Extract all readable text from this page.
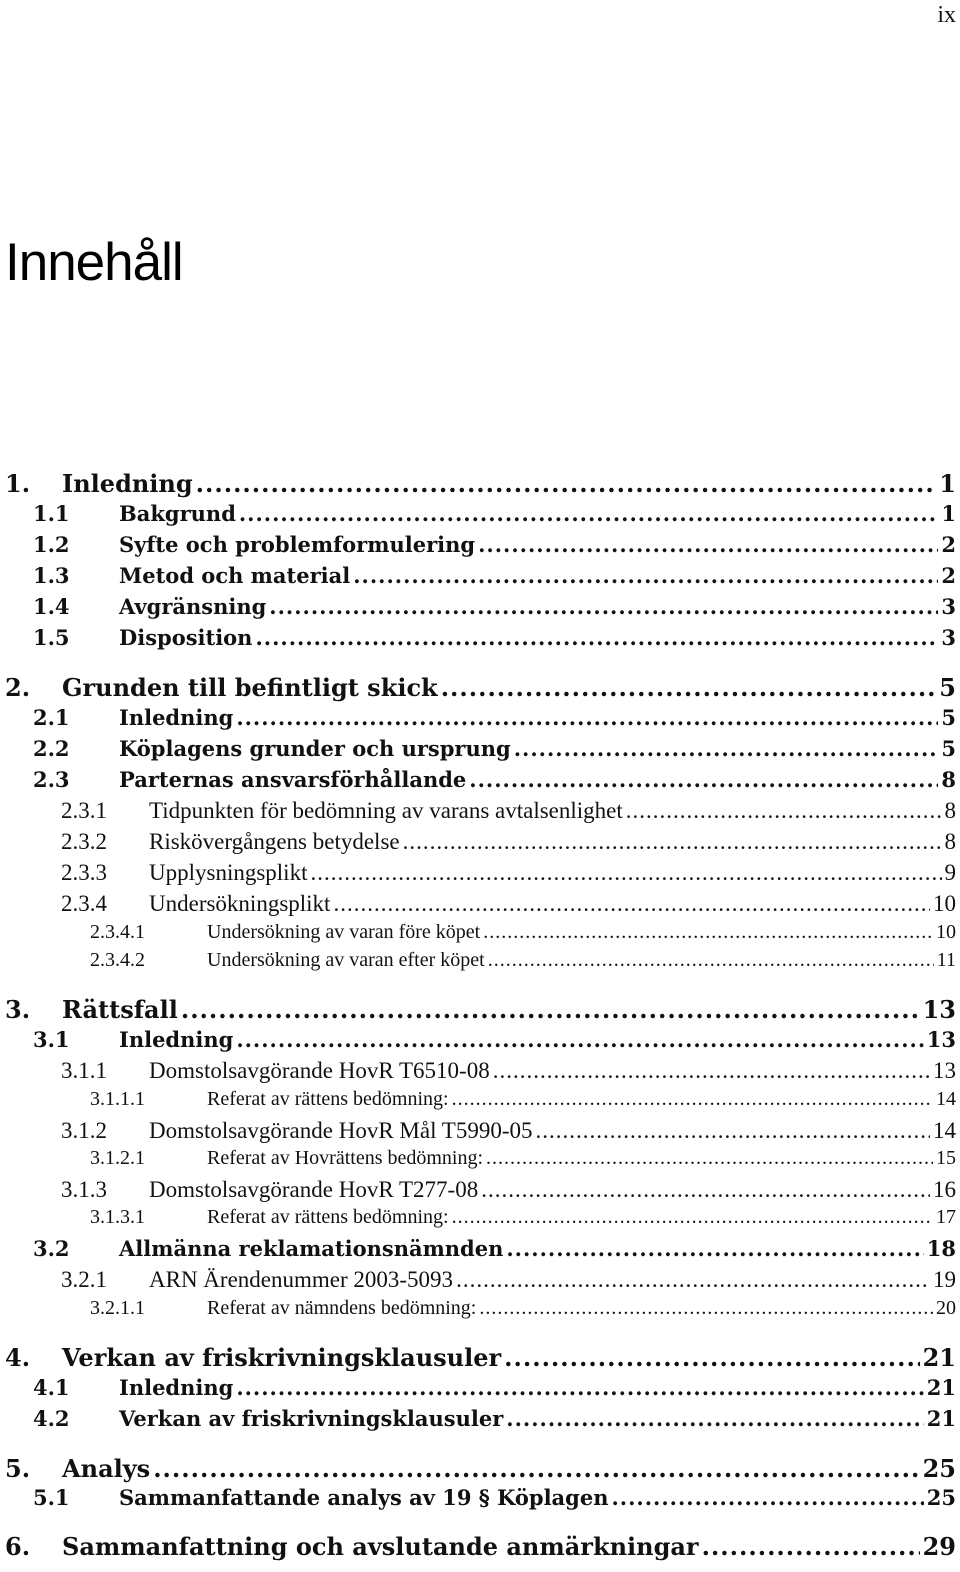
ix
Innehåll
1.	Inledning .....	1
1.1	Bakgrund .....	1
1.2	Syfte och problemformulering .....	2
1.3	Metod och material .....	2
1.4	Avgränsning .....	3
1.5	Disposition .....	3
2.	Grunden till befintligt skick .....	5
2.1	Inledning .....	5
2.2	Köplagens grunder och ursprung .....	5
2.3	Parternas ansvarsförhållande .....	8
2.3.1	Tidpunkten för bedömning av varans avtalsenlighet .....	8
2.3.2	Riskövergångens betydelse .....	8
2.3.3	Upplysningsplikt .....	9
2.3.4	Undersökningsplikt .....	10
2.3.4.1	Undersökning av varan före köpet .....	10
2.3.4.2	Undersökning av varan efter köpet .....	11
3.	Rättsfall .....	13
3.1	Inledning .....	13
3.1.1	Domstolsavgörande HovR T6510-08 .....	13
3.1.1.1	Referat av rättens bedömning: .....	14
3.1.2	Domstolsavgörande HovR Mål T5990-05 .....	14
3.1.2.1	Referat av Hovrättens bedömning: .....	15
3.1.3	Domstolsavgörande HovR T277-08 .....	16
3.1.3.1	Referat av rättens bedömning: .....	17
3.2	Allmänna reklamationsnämnden .....	18
3.2.1	ARN Ärendenummer 2003-5093 .....	19
3.2.1.1	Referat av nämndens bedömning: .....	20
4.	Verkan av friskrivningsklausuler .....	21
4.1	Inledning .....	21
4.2	Verkan av friskrivningsklausuler .....	21
5.	Analys .....	25
5.1	Sammanfattande analys av 19 § Köplagen .....	25
6.	Sammanfattning och avslutande anmärkningar .....	29
